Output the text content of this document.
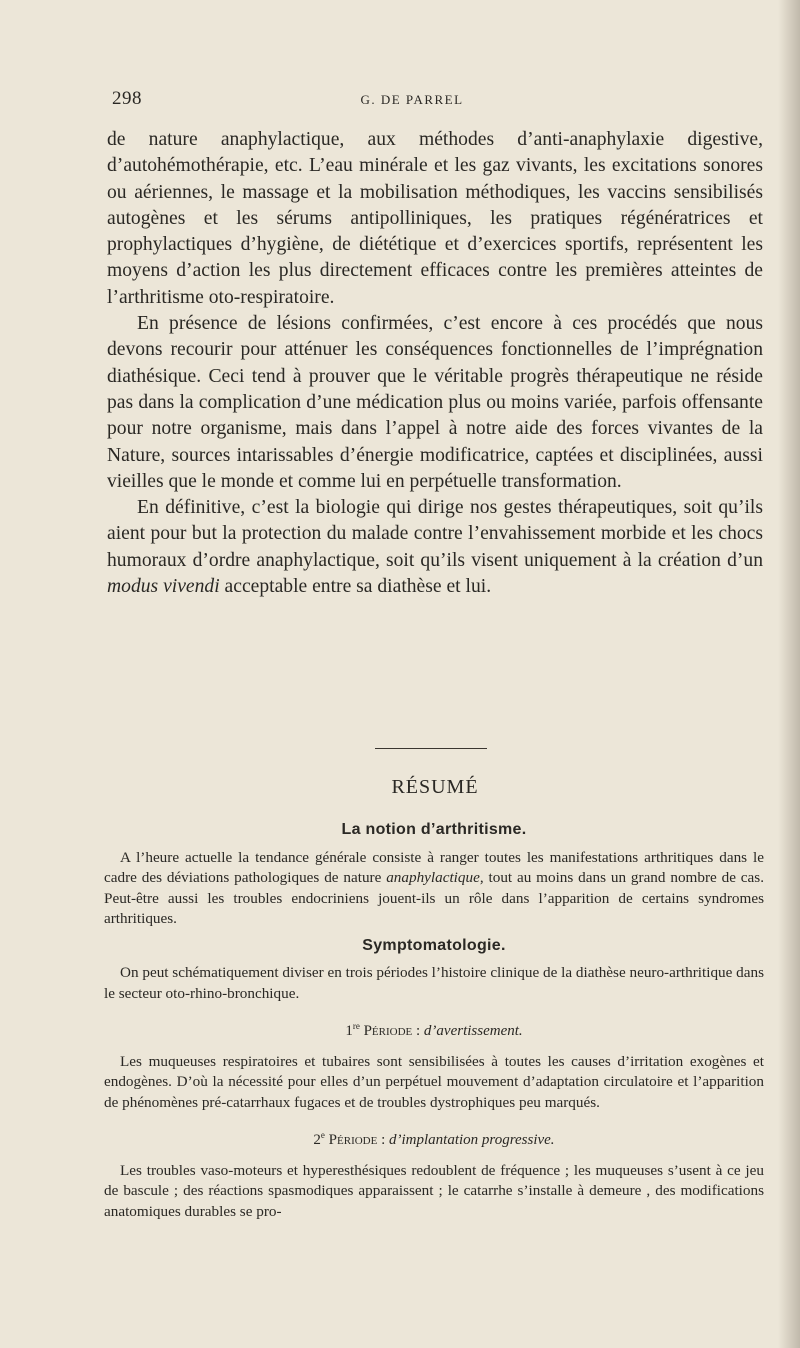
298	G. DE PARREL

de nature anaphylactique, aux méthodes d’anti-anaphylaxie digestive, d’autohémothérapie, etc. L’eau minérale et les gaz vivants, les excitations sonores ou aériennes, le massage et la mobilisation méthodiques, les vaccins sensibilisés autogènes et les sérums antipolliniques, les pratiques régénératrices et prophylactiques d’hygiène, de diététique et d’exercices sportifs, représentent les moyens d’action les plus directement efficaces contre les premières atteintes de l’arthritisme oto-respiratoire.

En présence de lésions confirmées, c’est encore à ces procédés que nous devons recourir pour atténuer les conséquences fonctionnelles de l’imprégnation diathésique. Ceci tend à prouver que le véritable progrès thérapeutique ne réside pas dans la complication d’une médication plus ou moins variée, parfois offensante pour notre organisme, mais dans l’appel à notre aide des forces vivantes de la Nature, sources intarissables d’énergie modificatrice, captées et disciplinées, aussi vieilles que le monde et comme lui en perpétuelle transformation.

En définitive, c’est la biologie qui dirige nos gestes thérapeutiques, soit qu’ils aient pour but la protection du malade contre l’envahissement morbide et les chocs humoraux d’ordre anaphylactique, soit qu’ils visent uniquement à la création d’un modus vivendi acceptable entre sa diathèse et lui.

RÉSUMÉ
La notion d’arthritisme.

A l’heure actuelle la tendance générale consiste à ranger toutes les manifestations arthritiques dans le cadre des déviations pathologiques de nature anaphylactique, tout au moins dans un grand nombre de cas. Peut-être aussi les troubles endocriniens jouent-ils un rôle dans l’apparition de certains syndromes arthritiques.

Symptomatologie.

On peut schématiquement diviser en trois périodes l’histoire clinique de la diathèse neuro-arthritique dans le secteur oto-rhino-bronchique.

1re Période : d’avertissement.

Les muqueuses respiratoires et tubaires sont sensibilisées à toutes les causes d’irritation exogènes et endogènes. D’où la nécessité pour elles d’un perpétuel mouvement d’adaptation circulatoire et l’apparition de phénomènes pré-catarrhaux fugaces et de troubles dystrophiques peu marqués.

2e Période : d’implantation progressive.

Les troubles vaso-moteurs et hyperesthésiques redoublent de fréquence ; les muqueuses s’usent à ce jeu de bascule ; des réactions spasmodiques apparaissent ; le catarrhe s’installe à demeure , des modifications anatomiques durables se pro-
